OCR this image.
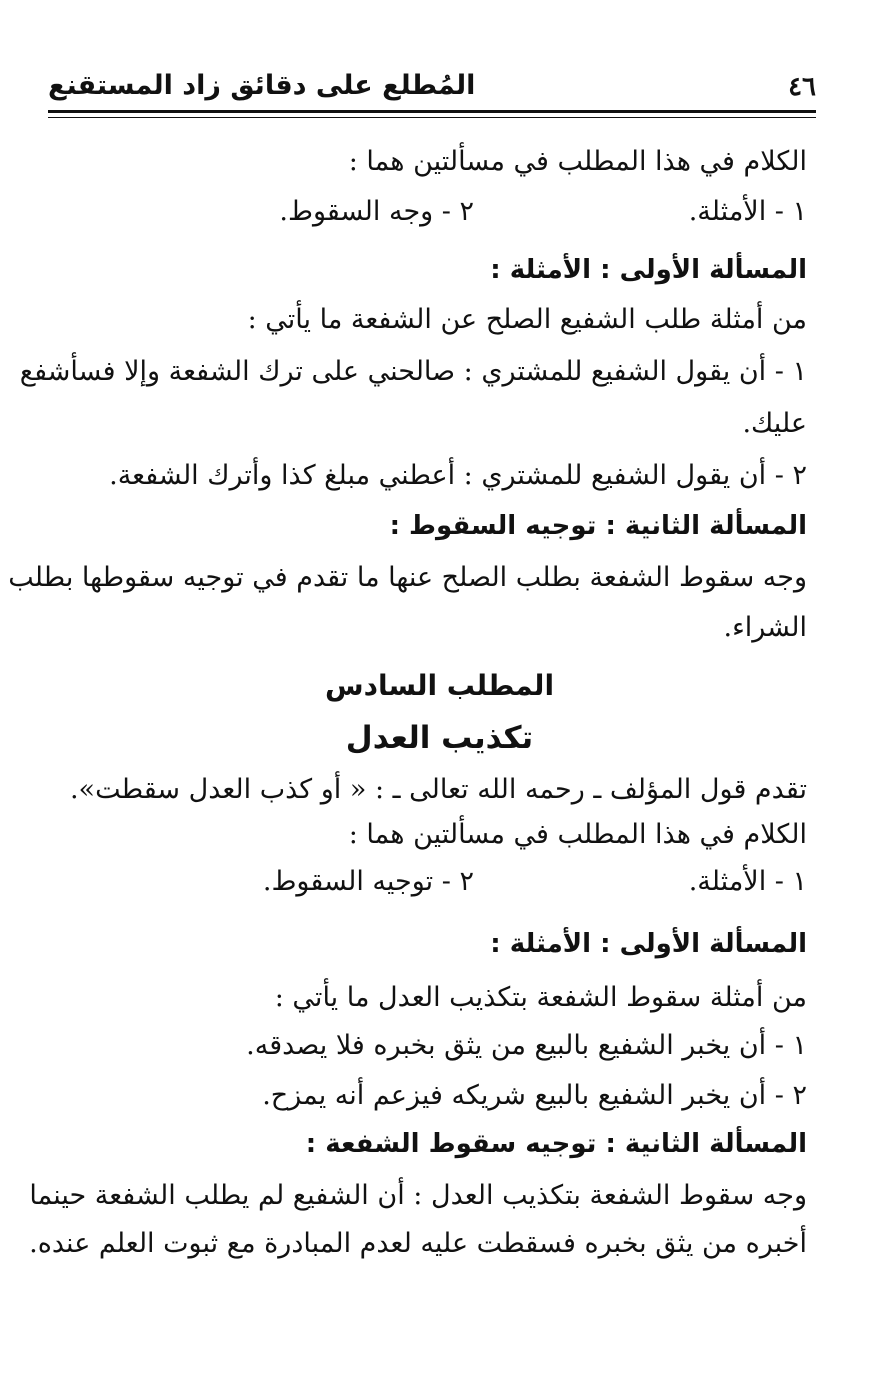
٤٦
المُطلع على دقائق زاد المستقنع
الكلام في هذا المطلب في مسألتين هما :
١ - الأمثلة.
٢ - وجه السقوط.
المسألة الأولى : الأمثلة :
من أمثلة طلب الشفيع الصلح عن الشفعة ما يأتي :
١ - أن يقول الشفيع للمشتري : صالحني على ترك الشفعة وإلا فسأشفع
عليك.
٢ - أن يقول الشفيع للمشتري : أعطني مبلغ كذا وأترك الشفعة.
المسألة الثانية : توجيه السقوط :
وجه سقوط الشفعة بطلب الصلح عنها ما تقدم في توجيه سقوطها بطلب
الشراء.
المطلب السادس
تكذيب العدل
تقدم قول المؤلف ـ رحمه الله تعالى ـ : « أو كذب العدل سقطت».
الكلام في هذا المطلب في مسألتين هما :
١ - الأمثلة.
٢ - توجيه السقوط.
المسألة الأولى : الأمثلة :
من أمثلة سقوط الشفعة بتكذيب العدل ما يأتي :
١ - أن يخبر الشفيع بالبيع من يثق بخبره فلا يصدقه.
٢ - أن يخبر الشفيع بالبيع شريكه فيزعم أنه يمزح.
المسألة الثانية : توجيه سقوط الشفعة :
وجه سقوط الشفعة بتكذيب العدل : أن الشفيع لم يطلب الشفعة حينما
أخبره من يثق بخبره فسقطت عليه لعدم المبادرة مع ثبوت العلم عنده.
